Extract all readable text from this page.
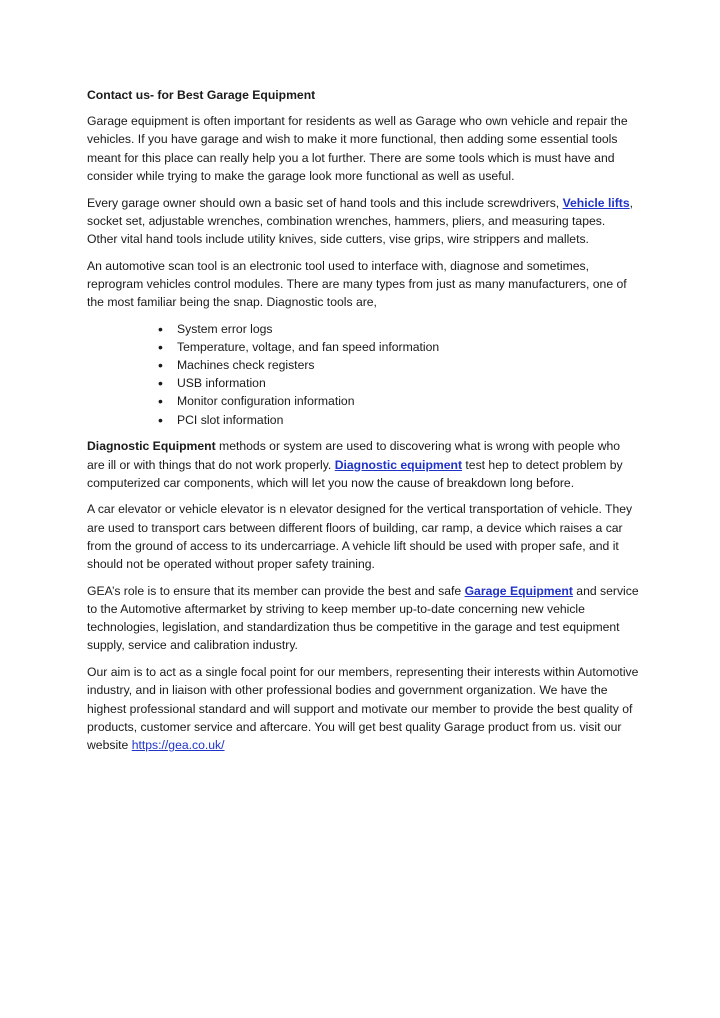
Contact us- for Best Garage Equipment

Garage equipment is often important for residents as well as Garage who own vehicle and repair the vehicles. If you have garage and wish to make it more functional, then adding some essential tools meant for this place can really help you a lot further. There are some tools which is must have and consider while trying to make the garage look more functional as well as useful.

Every garage owner should own a basic set of hand tools and this include screwdrivers, Vehicle lifts, socket set, adjustable wrenches, combination wrenches, hammers, pliers, and measuring tapes. Other vital hand tools include utility knives, side cutters, vise grips, wire strippers and mallets.

An automotive scan tool is an electronic tool used to interface with, diagnose and sometimes, reprogram vehicles control modules. There are many types from just as many manufacturers, one of the most familiar being the snap. Diagnostic tools are,

• System error logs
• Temperature, voltage, and fan speed information
• Machines check registers
• USB information
• Monitor configuration information
• PCI slot information

Diagnostic Equipment methods or system are used to discovering what is wrong with people who are ill or with things that do not work properly. Diagnostic equipment test hep to detect problem by computerized car components, which will let you now the cause of breakdown long before.

A car elevator or vehicle elevator is n elevator designed for the vertical transportation of vehicle. They are used to transport cars between different floors of building, car ramp, a device which raises a car from the ground of access to its undercarriage. A vehicle lift should be used with proper safe, and it should not be operated without proper safety training.

GEA’s role is to ensure that its member can provide the best and safe Garage Equipment and service to the Automotive aftermarket by striving to keep member up-to-date concerning new vehicle technologies, legislation, and standardization thus be competitive in the garage and test equipment supply, service and calibration industry.

Our aim is to act as a single focal point for our members, representing their interests within Automotive industry, and in liaison with other professional bodies and government organization. We have the highest professional standard and will support and motivate our member to provide the best quality of products, customer service and aftercare. You will get best quality Garage product from us. visit our website https://gea.co.uk/
